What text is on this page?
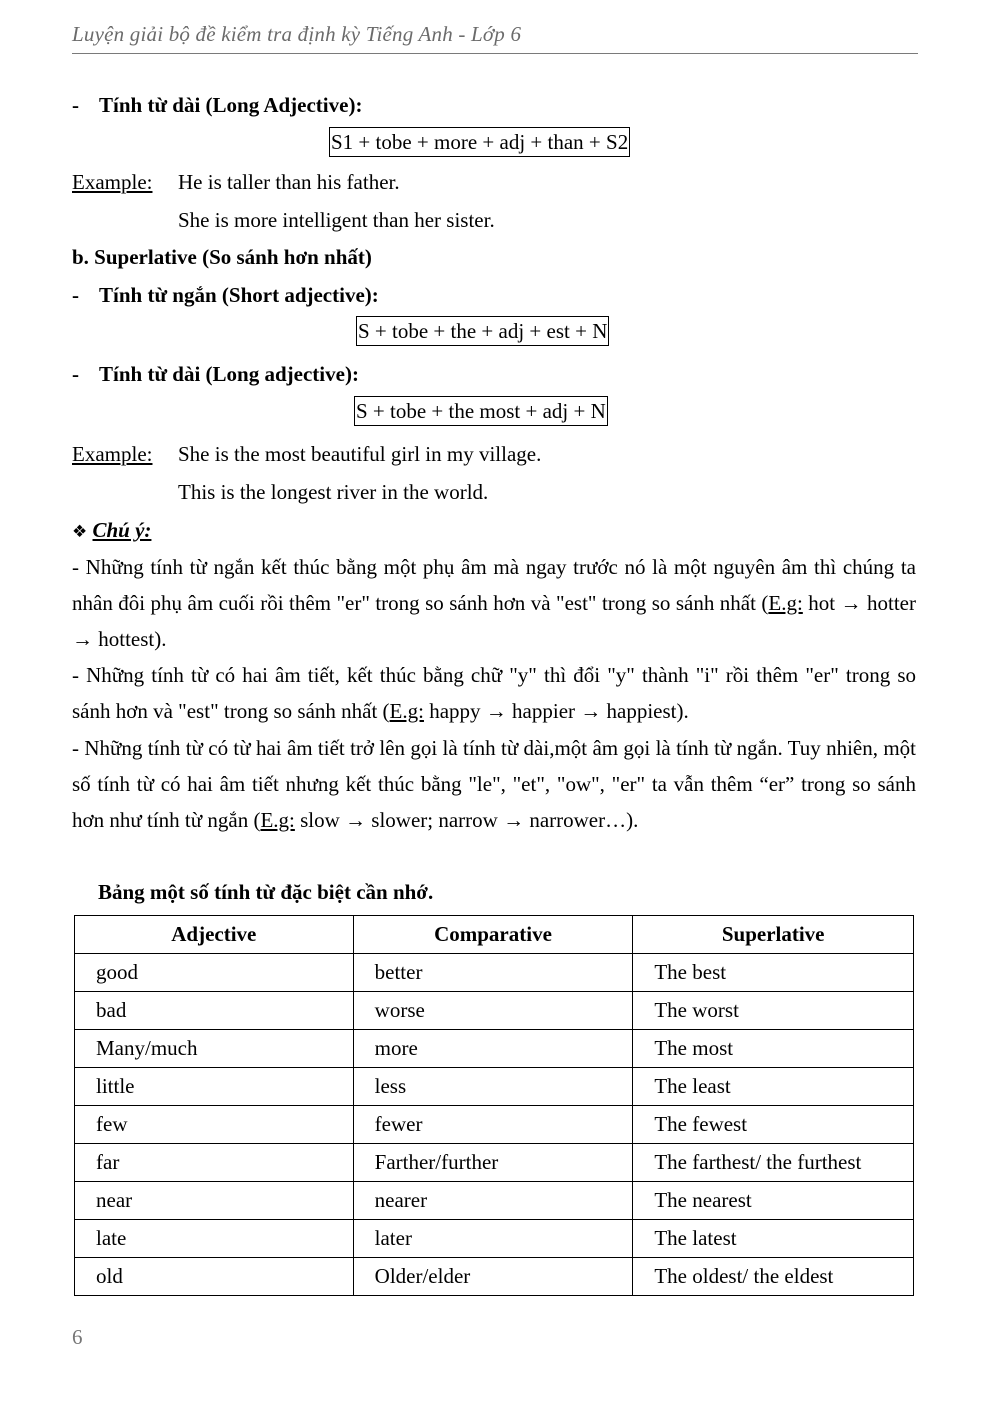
Luyện giải bộ đề kiểm tra định kỳ Tiếng Anh - Lớp 6
- Tính từ dài (Long Adjective):
S1 + tobe + more + adj + than + S2
Example: He is taller than his father.
She is more intelligent than her sister.
b. Superlative (So sánh hơn nhất)
- Tính từ ngắn (Short adjective):
S + tobe + the + adj + est + N
- Tính từ dài (Long adjective):
S + tobe + the most + adj + N
Example: She is the most beautiful girl in my village.
This is the longest river in the world.
❖ Chú ý:
- Những tính từ ngắn kết thúc bằng một phụ âm mà ngay trước nó là một nguyên âm thì chúng ta nhân đôi phụ âm cuối rồi thêm "er" trong so sánh hơn và "est" trong so sánh nhất (E.g: hot → hotter → hottest).
- Những tính từ có hai âm tiết, kết thúc bằng chữ "y" thì đổi "y" thành "i" rồi thêm "er" trong so sánh hơn và "est" trong so sánh nhất (E.g: happy → happier → happiest).
- Những tính từ có từ hai âm tiết trở lên gọi là tính từ dài,một âm gọi là tính từ ngắn. Tuy nhiên, một số tính từ có hai âm tiết nhưng kết thúc bằng "le", "et", "ow", "er" ta vẫn thêm “er” trong so sánh hơn như tính từ ngắn (E.g: slow → slower; narrow → narrower…).
Bảng một số tính từ đặc biệt cần nhớ.
Adjective	Comparative	Superlative
good	better	The best
bad	worse	The worst
Many/much	more	The most
little	less	The least
few	fewer	The fewest
far	Farther/further	The farthest/ the furthest
near	nearer	The nearest
late	later	The latest
old	Older/elder	The oldest/ the eldest
6
